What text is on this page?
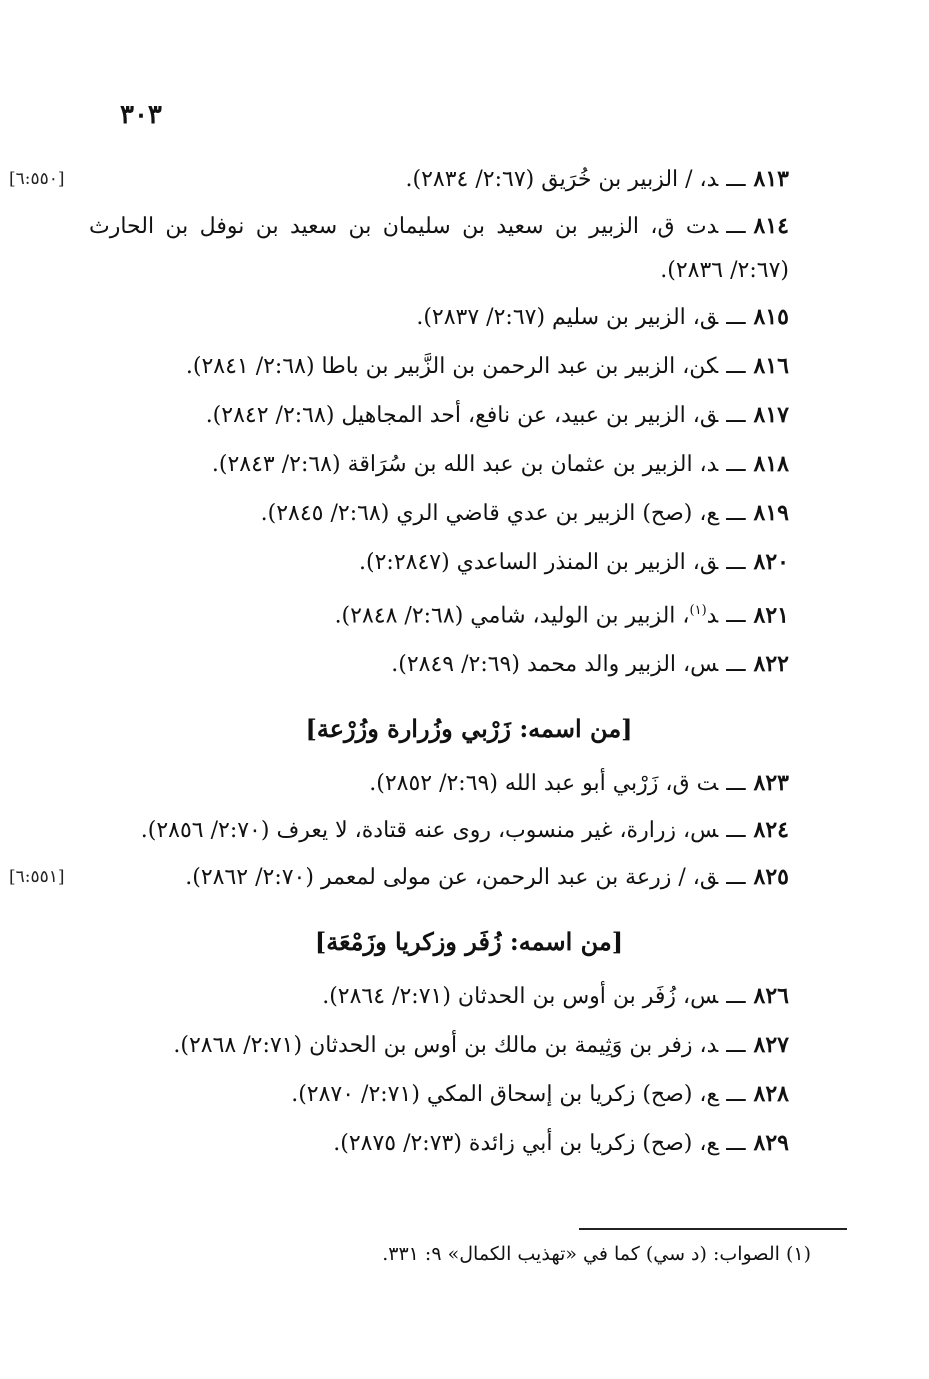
٣٠٣
٨١٣ـــد، / الزبير بن خُرَيق (٢:٦٧/ ٢٨٣٤).
[٦:٥٥٠]
٨١٤ـــدت ق، الزبير بن سعيد بن سليمان بن سعيد بن نوفل بن الحارث (٢:٦٧/ ٢٨٣٦).
٨١٥ـــق، الزبير بن سليم (٢:٦٧/ ٢٨٣٧).
٨١٦ـــكن، الزبير بن عبد الرحمن بن الزَّبير بن باطا (٢:٦٨/ ٢٨٤١).
٨١٧ـــق، الزبير بن عبيد، عن نافع، أحد المجاهيل (٢:٦٨/ ٢٨٤٢).
٨١٨ـــد، الزبير بن عثمان بن عبد الله بن سُرَاقة (٢:٦٨/ ٢٨٤٣).
٨١٩ـــع، (صح) الزبير بن عدي قاضي الري (٢:٦٨/ ٢٨٤٥).
٨٢٠ـــق، الزبير بن المنذر الساعدي (٢:٢٨٤٧).
٨٢١ـــد$^{(١)}$، الزبير بن الوليد، شامي (٢:٦٨/ ٢٨٤٨).
٨٢٢ـــس، الزبير والد محمد (٢:٦٩/ ٢٨٤٩).
[من اسمه: زَرْبي وزُرارة وزُرْعة]
٨٢٣ـــت ق، زَرْبي أبو عبد الله (٢:٦٩/ ٢٨٥٢).
٨٢٤ـــس، زرارة، غير منسوب، روى عنه قتادة، لا يعرف (٢:٧٠/ ٢٨٥٦).
٨٢٥ـــق، / زرعة بن عبد الرحمن، عن مولى لمعمر (٢:٧٠/ ٢٨٦٢).
[٦:٥٥١]
[من اسمه: زُفَر وزكريا وزَمْعَة]
٨٢٦ـــس، زُفَر بن أوس بن الحدثان (٢:٧١/ ٢٨٦٤).
٨٢٧ـــد، زفر بن وَثِيمة بن مالك بن أوس بن الحدثان (٢:٧١/ ٢٨٦٨).
٨٢٨ـــع، (صح) زكريا بن إسحاق المكي (٢:٧١/ ٢٨٧٠).
٨٢٩ـــع، (صح) زكريا بن أبي زائدة (٢:٧٣/ ٢٨٧٥).
(١) الصواب: (د سي) كما في «تهذيب الكمال» ٩: ٣٣١.
